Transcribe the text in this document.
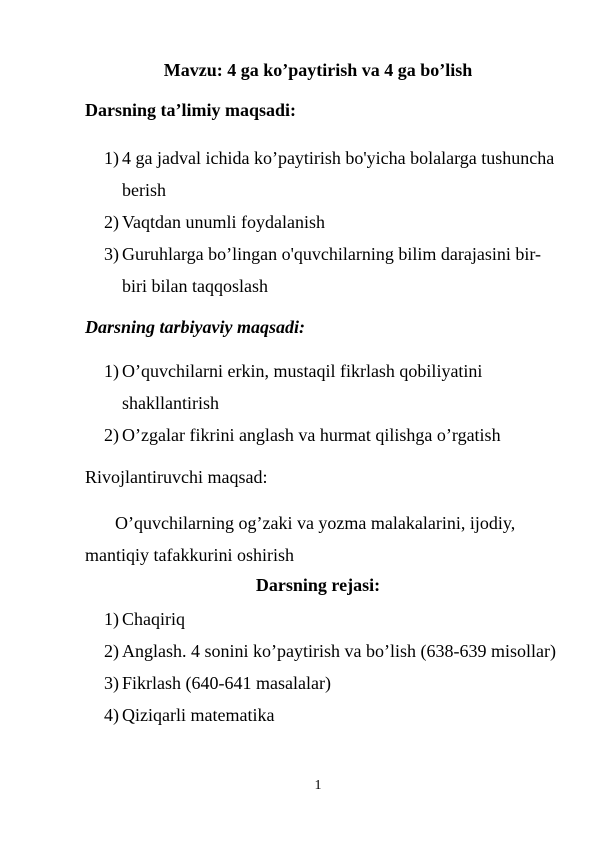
Mavzu: 4 ga ko’paytirish va 4 ga bo’lish
Darsning ta’limiy maqsadi:
1) 4 ga jadval ichida ko’paytirish bo'yicha bolalarga tushuncha berish
2) Vaqtdan unumli foydalanish
3) Guruhlarga bo’lingan o'quvchilarning bilim darajasini bir-biri bilan taqqoslash
Darsning tarbiyaviy maqsadi:
1) O’quvchilarni erkin, mustaqil fikrlash qobiliyatini shakllantirish
2) O’zgalar fikrini anglash va hurmat qilishga o’rgatish
Rivojlantiruvchi maqsad:

O’quvchilarning og’zaki va yozma malakalarini, ijodiy, mantiqiy tafakkurini oshirish

Darsning rejasi:
1) Chaqiriq
2) Anglash. 4 sonini ko’paytirish va bo’lish (638-639 misollar)
3) Fikrlash (640-641 masalalar)
4) Qiziqarli matematika
1
